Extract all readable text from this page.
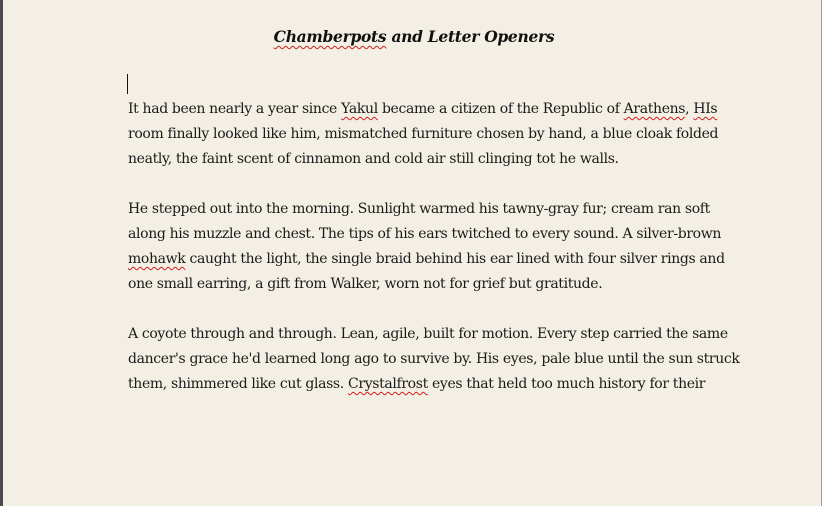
Chamberpots and Letter Openers
It had been nearly a year since Yakul became a citizen of the Republic of Arathens, HIs
room finally looked like him, mismatched furniture chosen by hand, a blue cloak folded
neatly, the faint scent of cinnamon and cold air still clinging tot he walls.
He stepped out into the morning. Sunlight warmed his tawny-gray fur; cream ran soft
along his muzzle and chest. The tips of his ears twitched to every sound. A silver-brown
mohawk caught the light, the single braid behind his ear lined with four silver rings and
one small earring, a gift from Walker, worn not for grief but gratitude.
A coyote through and through. Lean, agile, built for motion. Every step carried the same
dancer's grace he'd learned long ago to survive by. His eyes, pale blue until the sun struck
them, shimmered like cut glass. Crystalfrost eyes that held too much history for their
